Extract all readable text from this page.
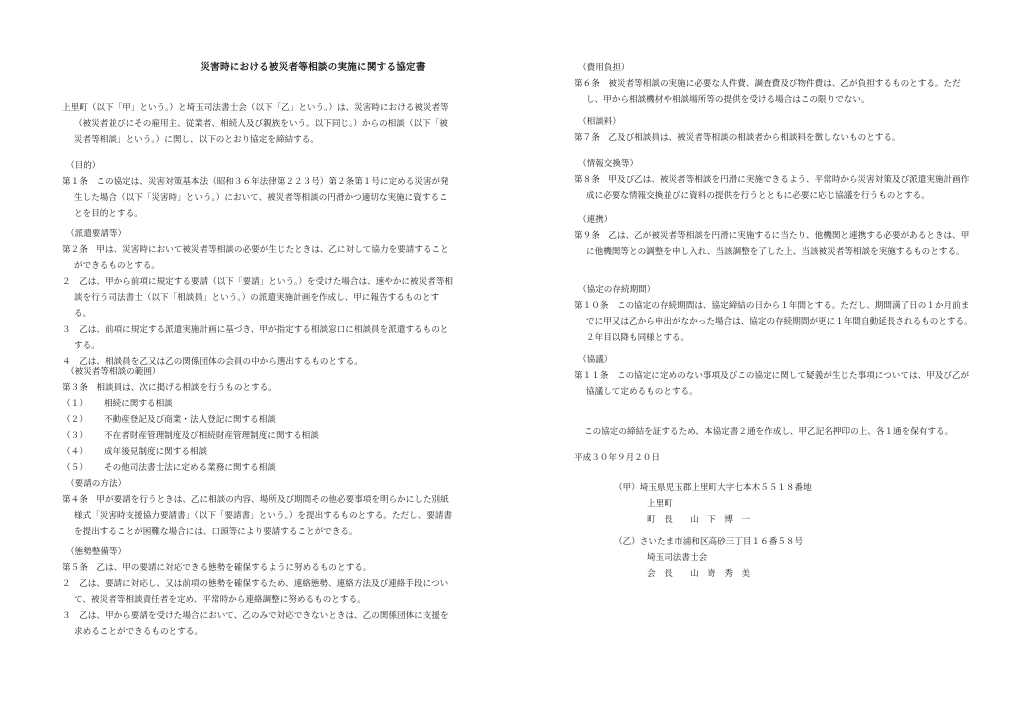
災害時における被災者等相談の実施に関する協定書
上里町（以下「甲」という。）と埼玉司法書士会（以下「乙」という。）は、災害時における被災者等（被災者並びにその雇用主、従業者、相続人及び親族をいう。以下同じ。）からの相談（以下「被災者等相談」という。）に関し、以下のとおり協定を締結する。
（目的）
第１条　この協定は、災害対策基本法（昭和３６年法律第２２３号）第２条第１号に定める災害が発生した場合（以下「災害時」という。）において、被災者等相談の円滑かつ適切な実施に資することを目的とする。
（派遣要請等）
第２条　甲は、災害時において被災者等相談の必要が生じたときは、乙に対して協力を要請することができるものとする。
２　乙は、甲から前項に規定する要請（以下「要請」という。）を受けた場合は、速やかに被災者等相談を行う司法書士（以下「相談員」という。）の派遣実施計画を作成し、甲に報告するものとする。
３　乙は、前項に規定する派遣実施計画に基づき、甲が指定する相談窓口に相談員を派遣するものとする。
４　乙は、相談員を乙又は乙の関係団体の会員の中から選出するものとする。
（被災者等相談の範囲）
第３条　相談員は、次に掲げる相談を行うものとする。
（１） 相続に関する相談
（２） 不動産登記及び商業・法人登記に関する相談
（３） 不在者財産管理制度及び相続財産管理制度に関する相談
（４） 成年後見制度に関する相談
（５） その他司法書士法に定める業務に関する相談
（要請の方法）
第４条　甲が要請を行うときは、乙に相談の内容、場所及び期間その他必要事項を明らかにした別紙様式「災害時支援協力要請書」（以下「要請書」という。）を提出するものとする。ただし、要請書を提出することが困難な場合には、口頭等により要請することができる。
（態勢整備等）
第５条　乙は、甲の要請に対応できる態勢を確保するように努めるものとする。
２　乙は、要請に対応し、又は前項の態勢を確保するため、連絡態勢、連絡方法及び連絡手段について、被災者等相談責任者を定め、平常時から連絡調整に努めるものとする。
３　乙は、甲から要請を受けた場合において、乙のみで対応できないときは、乙の関係団体に支援を求めることができるものとする。
（費用負担）
第６条　被災者等相談の実施に必要な人件費、調査費及び物件費は、乙が負担するものとする。ただし、甲から相談機材や相談場所等の提供を受ける場合はこの限りでない。
（相談料）
第７条　乙及び相談員は、被災者等相談の相談者から相談料を徴しないものとする。
（情報交換等）
第８条　甲及び乙は、被災者等相談を円滑に実施できるよう、平常時から災害対策及び派遣実施計画作成に必要な情報交換並びに資料の提供を行うとともに必要に応じ協議を行うものとする。
（連携）
第９条　乙は、乙が被災者等相談を円滑に実施するに当たり、他機関と連携する必要があるときは、甲に他機関等との調整を申し入れ、当該調整を了した上、当該被災者等相談を実施するものとする。
（協定の存続期間）
第１０条　この協定の存続期間は、協定締結の日から１年間とする。ただし、期間満了日の１か月前までに甲又は乙から申出がなかった場合は、協定の存続期間が更に１年間自動延長されるものとする。２年目以降も同様とする。
（協議）
第１１条　この協定に定めのない事項及びこの協定に関して疑義が生じた事項については、甲及び乙が協議して定めるものとする。
この協定の締結を証するため、本協定書２通を作成し、甲乙記名押印の上、各１通を保有する。
平成３０年９月２０日
（甲）埼玉県児玉郡上里町大字七本木５５１８番地
上里町
町　長　　山　下　博　一
（乙）さいたま市浦和区高砂三丁目１６番５８号
埼玉司法書士会
会　長　　山　嵜　秀　美
